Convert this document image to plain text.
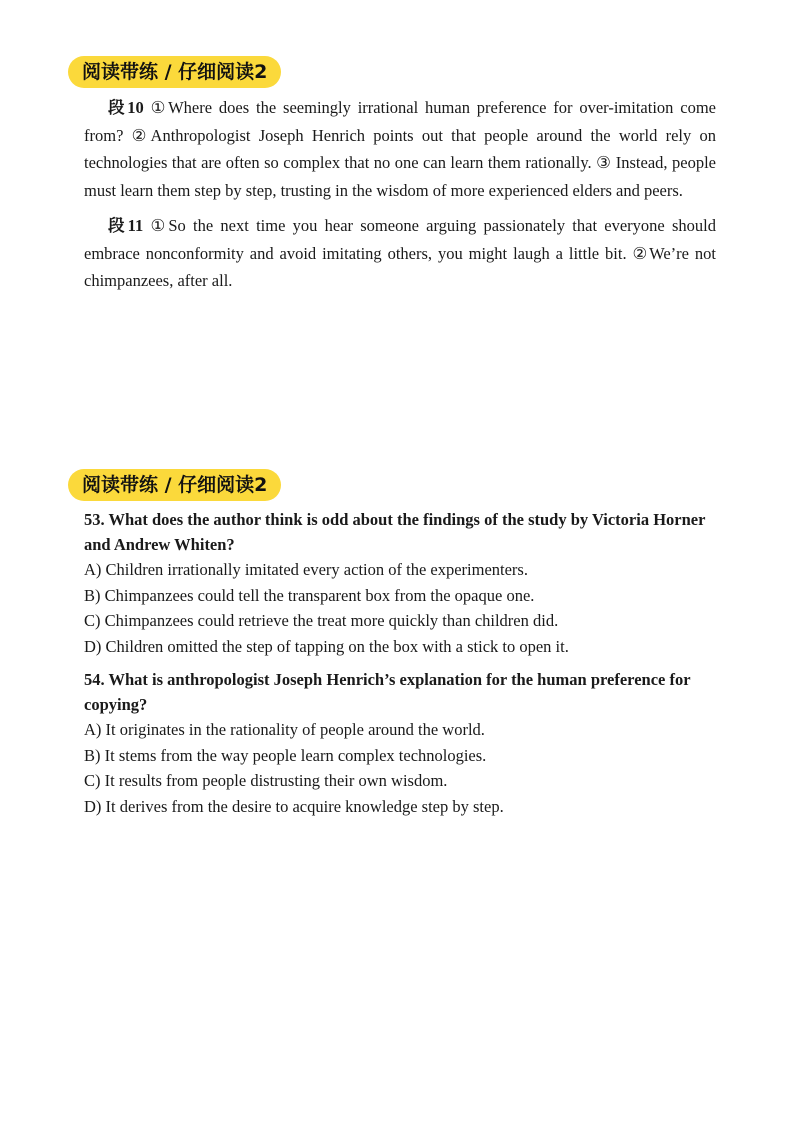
阅读带练 / 仔细阅读2

段10 ①Where does the seemingly irrational human preference for over-imitation come from? ②Anthropologist Joseph Henrich points out that people around the world rely on technologies that are often so complex that no one can learn them rationally. ③ Instead, people must learn them step by step, trusting in the wisdom of more experienced elders and peers.

段11 ①So the next time you hear someone arguing passionately that everyone should embrace nonconformity and avoid imitating others, you might laugh a little bit. ②We’re not chimpanzees, after all.

阅读带练 / 仔细阅读2

53. What does the author think is odd about the findings of the study by Victoria Horner and Andrew Whiten?

A) Children irrationally imitated every action of the experimenters.

B) Chimpanzees could tell the transparent box from the opaque one.

C) Chimpanzees could retrieve the treat more quickly than children did.

D) Children omitted the step of tapping on the box with a stick to open it.

54. What is anthropologist Joseph Henrich’s explanation for the human preference for copying?

A) It originates in the rationality of people around the world.

B) It stems from the way people learn complex technologies.

C) It results from people distrusting their own wisdom.

D) It derives from the desire to acquire knowledge step by step.
